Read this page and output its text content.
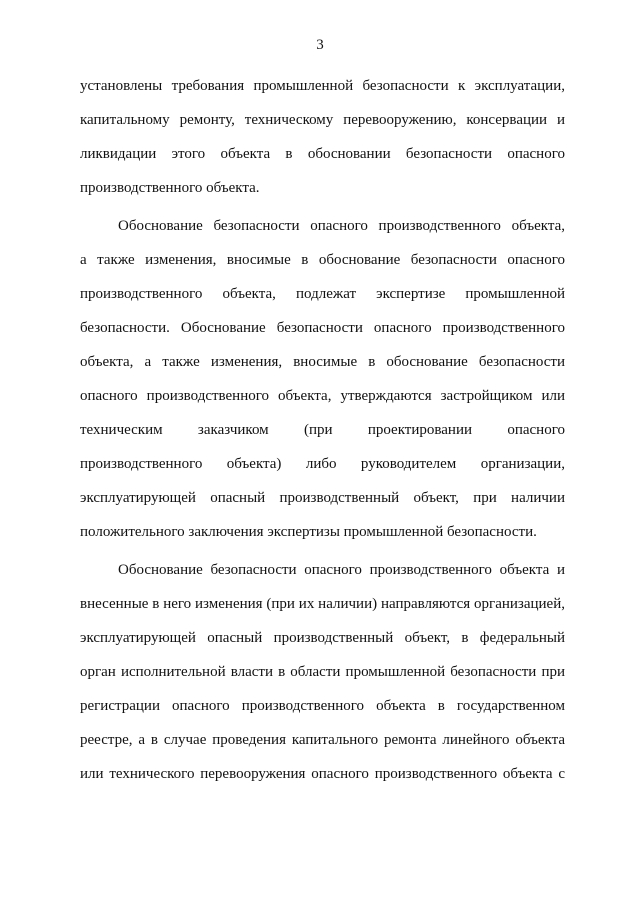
3
установлены требования промышленной безопасности к эксплуатации,
капитальному ремонту, техническому перевооружению, консервации и
ликвидации этого объекта в обосновании безопасности опасного
производственного объекта.
Обоснование безопасности опасного производственного объекта,
а также изменения, вносимые в обоснование безопасности опасного
производственного объекта, подлежат экспертизе промышленной
безопасности. Обоснование безопасности опасного производственного
объекта, а также изменения, вносимые в обоснование безопасности
опасного производственного объекта, утверждаются застройщиком или
техническим заказчиком (при проектировании опасного
производственного объекта) либо руководителем организации,
эксплуатирующей опасный производственный объект, при наличии
положительного заключения экспертизы промышленной безопасности.
Обоснование безопасности опасного производственного объекта и
внесенные в него изменения (при их наличии) направляются организацией,
эксплуатирующей опасный производственный объект, в федеральный
орган исполнительной власти в области промышленной безопасности при
регистрации опасного производственного объекта в государственном
реестре, а в случае проведения капитального ремонта линейного объекта
или технического перевооружения опасного производственного объекта с
